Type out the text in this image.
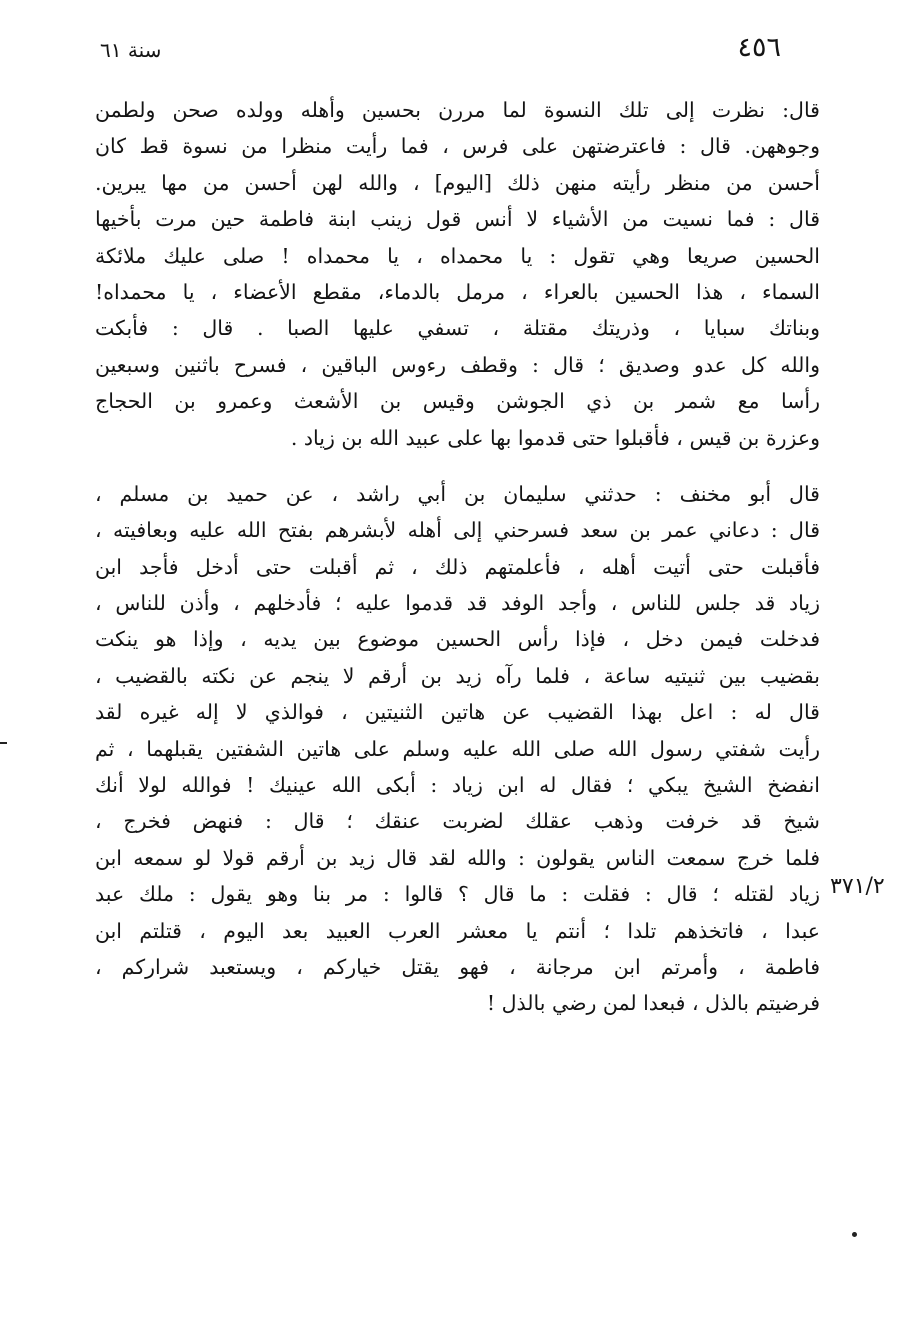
٤٥٦
سنة ٦١
قال: نظرت إلى تلك النسوة لما مررن بحسين وأهله وولده صحن ولطمن
وجوههن. قال : فاعترضتهن على فرس ، فما رأيت منظرا من نسوة قط كان
أحسن من منظر رأيته منهن ذلك [اليوم] ، والله لهن أحسن من مها يبرين.
قال : فما نسيت من الأشياء لا أنس قول زينب ابنة فاطمة حين مرت بأخيها
الحسين صريعا وهي تقول : يا محمداه ، يا محمداه ! صلى عليك ملائكة
السماء ، هذا الحسين بالعراء ، مرمل بالدماء، مقطع الأعضاء ، يا محمداه!
وبناتك سبايا ، وذريتك مقتلة ، تسفي عليها الصبا . قال : فأبكت
والله كل عدو وصديق ؛ قال : وقطف رءوس الباقين ، فسرح باثنين وسبعين
رأسا مع شمر بن ذي الجوشن وقيس بن الأشعث وعمرو بن الحجاج
وعزرة بن قيس ، فأقبلوا حتى قدموا بها على عبيد الله بن زياد .
قال أبو مخنف : حدثني سليمان بن أبي راشد ، عن حميد بن مسلم ،
قال : دعاني عمر بن سعد فسرحني إلى أهله لأبشرهم بفتح الله عليه وبعافيته ،
فأقبلت حتى أتيت أهله ، فأعلمتهم ذلك ، ثم أقبلت حتى أدخل فأجد ابن
زياد قد جلس للناس ، وأجد الوفد قد قدموا عليه ؛ فأدخلهم ، وأذن للناس ،
فدخلت فيمن دخل ، فإذا رأس الحسين موضوع بين يديه ، وإذا هو ينكت
بقضيب بين ثنيتيه ساعة ، فلما رآه زيد بن أرقم لا ينجم عن نكته بالقضيب ،
قال له : اعل بهذا القضيب عن هاتين الثنيتين ، فوالذي لا إله غيره لقد
رأيت شفتي رسول الله صلى الله عليه وسلم على هاتين الشفتين يقبلهما ، ثم
انفضخ الشيخ يبكي ؛ فقال له ابن زياد : أبكى الله عينيك ! فوالله لولا أنك
شيخ قد خرفت وذهب عقلك لضربت عنقك ؛ قال : فنهض فخرج ،
فلما خرج سمعت الناس يقولون : والله لقد قال زيد بن أرقم قولا لو سمعه ابن
زياد لقتله ؛ قال : فقلت : ما قال ؟ قالوا : مر بنا وهو يقول : ملك عبد
عبدا ، فاتخذهم تلدا ؛ أنتم يا معشر العرب العبيد بعد اليوم ، قتلتم ابن
فاطمة ، وأمرتم ابن مرجانة ، فهو يقتل خياركم ، ويستعبد شراركم ،
فرضيتم بالذل ، فبعدا لمن رضي بالذل !
٣٧١/٢
